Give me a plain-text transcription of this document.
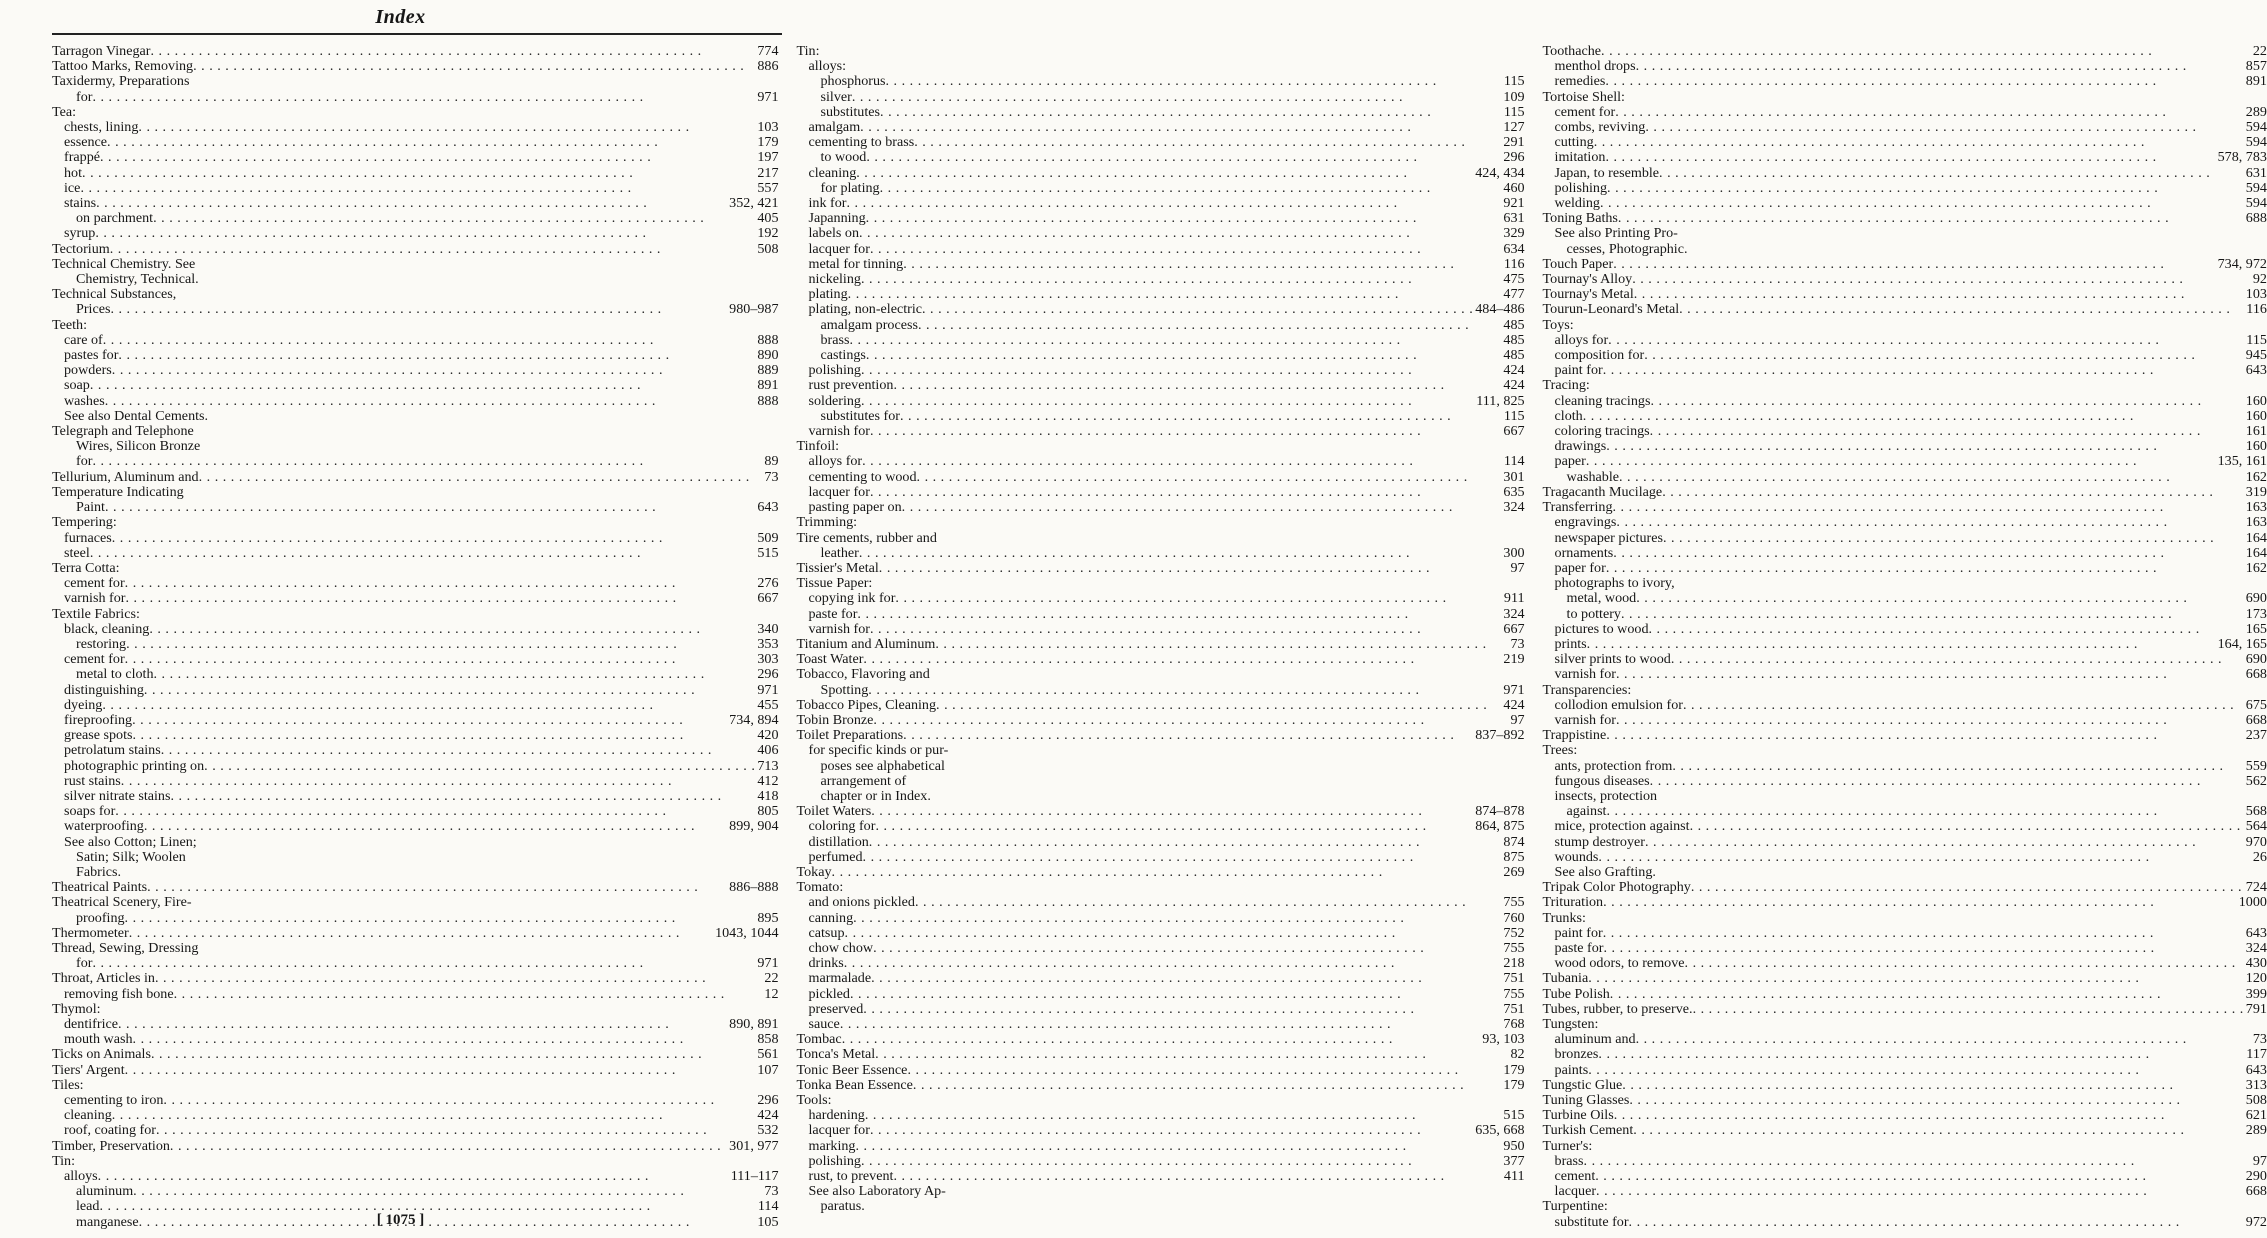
Index
Tarragon Vinegar . . .	774
Tattoo Marks, Removing . . .	886
Taxidermy, Preparations
for . . .	971
Tea:
chests, lining . . .	103
essence . . .	179
frappé . . .	197
hot . . .	217
ice . . .	557
stains . . .	352, 421
on parchment . . .	405
syrup . . .	192
Tectorium . . .	508
Technical Chemistry. See
Chemistry, Technical.
Technical Substances,
Prices . . .	980–987
Teeth:
care of . . .	888
pastes for . . .	890
powders . . .	889
soap . . .	891
washes . . .	888
See also Dental Cements.
Telegraph and Telephone
Wires, Silicon Bronze
for . . .	89
Tellurium, Aluminum and . . .	73
Temperature Indicating
Paint . . .	643
Tempering:
furnaces . . .	509
steel . . .	515
Terra Cotta:
cement for . . .	276
varnish for . . .	667
Textile Fabrics:
black, cleaning . . .	340
restoring . . .	353
cement for . . .	303
metal to cloth . . .	296
distinguishing . . .	971
dyeing . . .	455
fireproofing . . .	734, 894
grease spots . . .	420
petrolatum stains . . .	406
photographic printing on . . .	713
rust stains . . .	412
silver nitrate stains . . .	418
soaps for . . .	805
waterproofing . . .	899, 904
See also Cotton; Linen;
Satin; Silk; Woolen
Fabrics.
Theatrical Paints . . .	886–888
Theatrical Scenery, Fire-
proofing . . .	895
Thermometer . . .	1043, 1044
Thread, Sewing, Dressing
for . . .	971
Throat, Articles in . . .	22
removing fish bone . . .	12
Thymol:
dentifrice . . .	890, 891
mouth wash . . .	858
Ticks on Animals . . .	561
Tiers' Argent . . .	107
Tiles:
cementing to iron . . .	296
cleaning . . .	424
roof, coating for . . .	532
Timber, Preservation . . .	301, 977
Tin:
alloys . . .	111–117
aluminum . . .	73
lead . . .	114
manganese . . .	105
Tin:
alloys:
phosphorus . . .	115
silver . . .	109
substitutes . . .	115
amalgam . . .	127
cementing to brass . . .	291
to wood . . .	296
cleaning . . .	424, 434
for plating . . .	460
ink for . . .	921
Japanning . . .	631
labels on . . .	329
lacquer for . . .	634
metal for tinning . . .	116
nickeling . . .	475
plating . . .	477
plating, non-electric . . .	484–486
amalgam process . . .	485
brass . . .	485
castings . . .	485
polishing . . .	424
rust prevention . . .	424
soldering . . .	111, 825
substitutes for . . .	115
varnish for . . .	667
Tinfoil:
alloys for . . .	114
cementing to wood . . .	301
lacquer for . . .	635
pasting paper on . . .	324
Trimming:
Tire cements, rubber and
leather . . .	300
Tissier's Metal . . .	97
Tissue Paper:
copying ink for . . .	911
paste for . . .	324
varnish for . . .	667
Titanium and Aluminum . . .	73
Toast Water . . .	219
Tobacco, Flavoring and
Spotting . . .	971
Tobacco Pipes, Cleaning . . .	424
Tobin Bronze . . .	97
Toilet Preparations . . .	837–892
for specific kinds or pur-
poses see alphabetical
arrangement of
chapter or in Index.
Toilet Waters . . .	874–878
coloring for . . .	864, 875
distillation . . .	874
perfumed . . .	875
Tokay . . .	269
Tomato:
and onions pickled . . .	755
canning . . .	760
catsup . . .	752
chow chow . . .	755
drinks . . .	218
marmalade . . .	751
pickled . . .	755
preserved . . .	751
sauce . . .	768
Tombac . . .	93, 103
Tonca's Metal . . .	82
Tonic Beer Essence . . .	179
Tonka Bean Essence . . .	179
Tools:
hardening . . .	515
lacquer for . . .	635, 668
marking . . .	950
polishing . . .	377
rust, to prevent . . .	411
See also Laboratory Ap-
paratus.
Toothache . . .	22
menthol drops . . .	857
remedies . . .	891
Tortoise Shell:
cement for . . .	289
combs, reviving . . .	594
cutting . . .	594
imitation . . .	578, 783
Japan, to resemble . . .	631
polishing . . .	594
welding . . .	594
Toning Baths . . .	688
See also Printing Pro-
cesses, Photographic.
Touch Paper . . .	734, 972
Tournay's Alloy . . .	92
Tournay's Metal . . .	103
Tourun-Leonard's Metal . . .	116
Toys:
alloys for . . .	115
composition for . . .	945
paint for . . .	643
Tracing:
cleaning tracings . . .	160
cloth . . .	160
coloring tracings . . .	161
drawings . . .	160
paper . . .	135, 161
washable . . .	162
Tragacanth Mucilage . . .	319
Transferring . . .	163
engravings . . .	163
newspaper pictures . . .	164
ornaments . . .	164
paper for . . .	162
photographs to ivory,
metal, wood . . .	690
to pottery . . .	173
pictures to wood . . .	165
prints . . .	164, 165
silver prints to wood . . .	690
varnish for . . .	668
Transparencies:
collodion emulsion for . . .	675
varnish for . . .	668
Trappistine . . .	237
Trees:
ants, protection from . . .	559
fungous diseases . . .	562
insects, protection
against . . .	568
mice, protection against . . .	564
stump destroyer . . .	970
wounds . . .	26
See also Grafting.
Tripak Color Photography . . .	724
Trituration . . .	1000
Trunks:
paint for . . .	643
paste for . . .	324
wood odors, to remove . . .	430
Tubania . . .	120
Tube Polish . . .	399
Tubes, rubber, to preserve. . . .	791
Tungsten:
aluminum and . . .	73
bronzes . . .	117
paints . . .	643
Tungstic Glue . . .	313
Tuning Glasses . . .	508
Turbine Oils . . .	621
Turkish Cement . . .	289
Turner's:
brass . . .	97
cement . . .	290
lacquer . . .	668
Turpentine:
substitute for . . .	972
[ 1075 ]
